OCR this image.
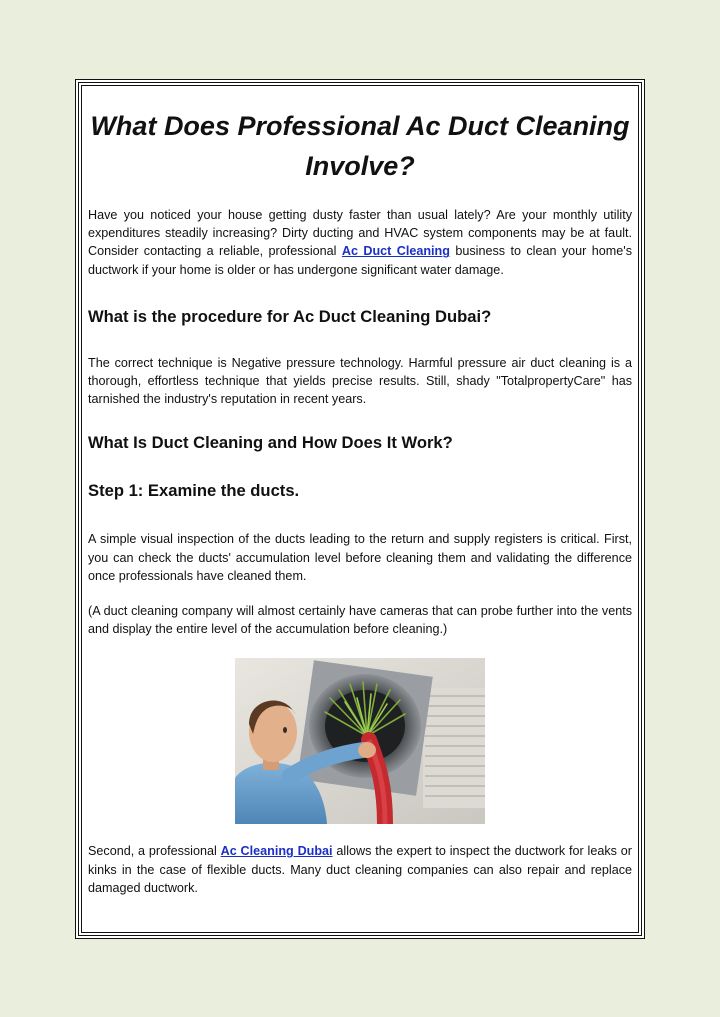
What Does Professional Ac Duct Cleaning Involve?

Have you noticed your house getting dusty faster than usual lately? Are your monthly utility expenditures steadily increasing? Dirty ducting and HVAC system components may be at fault. Consider contacting a reliable, professional Ac Duct Cleaning business to clean your home's ductwork if your home is older or has undergone significant water damage.

What is the procedure for Ac Duct Cleaning Dubai?

The correct technique is Negative pressure technology. Harmful pressure air duct cleaning is a thorough, effortless technique that yields precise results. Still, shady "TotalpropertyCare" has tarnished the industry's reputation in recent years.

What Is Duct Cleaning and How Does It Work?
Step 1: Examine the ducts.

A simple visual inspection of the ducts leading to the return and supply registers is critical. First, you can check the ducts' accumulation level before cleaning them and validating the difference once professionals have cleaned them.

(A duct cleaning company will almost certainly have cameras that can probe further into the vents and display the entire level of the accumulation before cleaning.)

Second, a professional Ac Cleaning Dubai allows the expert to inspect the ductwork for leaks or kinks in the case of flexible ducts. Many duct cleaning companies can also repair and replace damaged ductwork.
